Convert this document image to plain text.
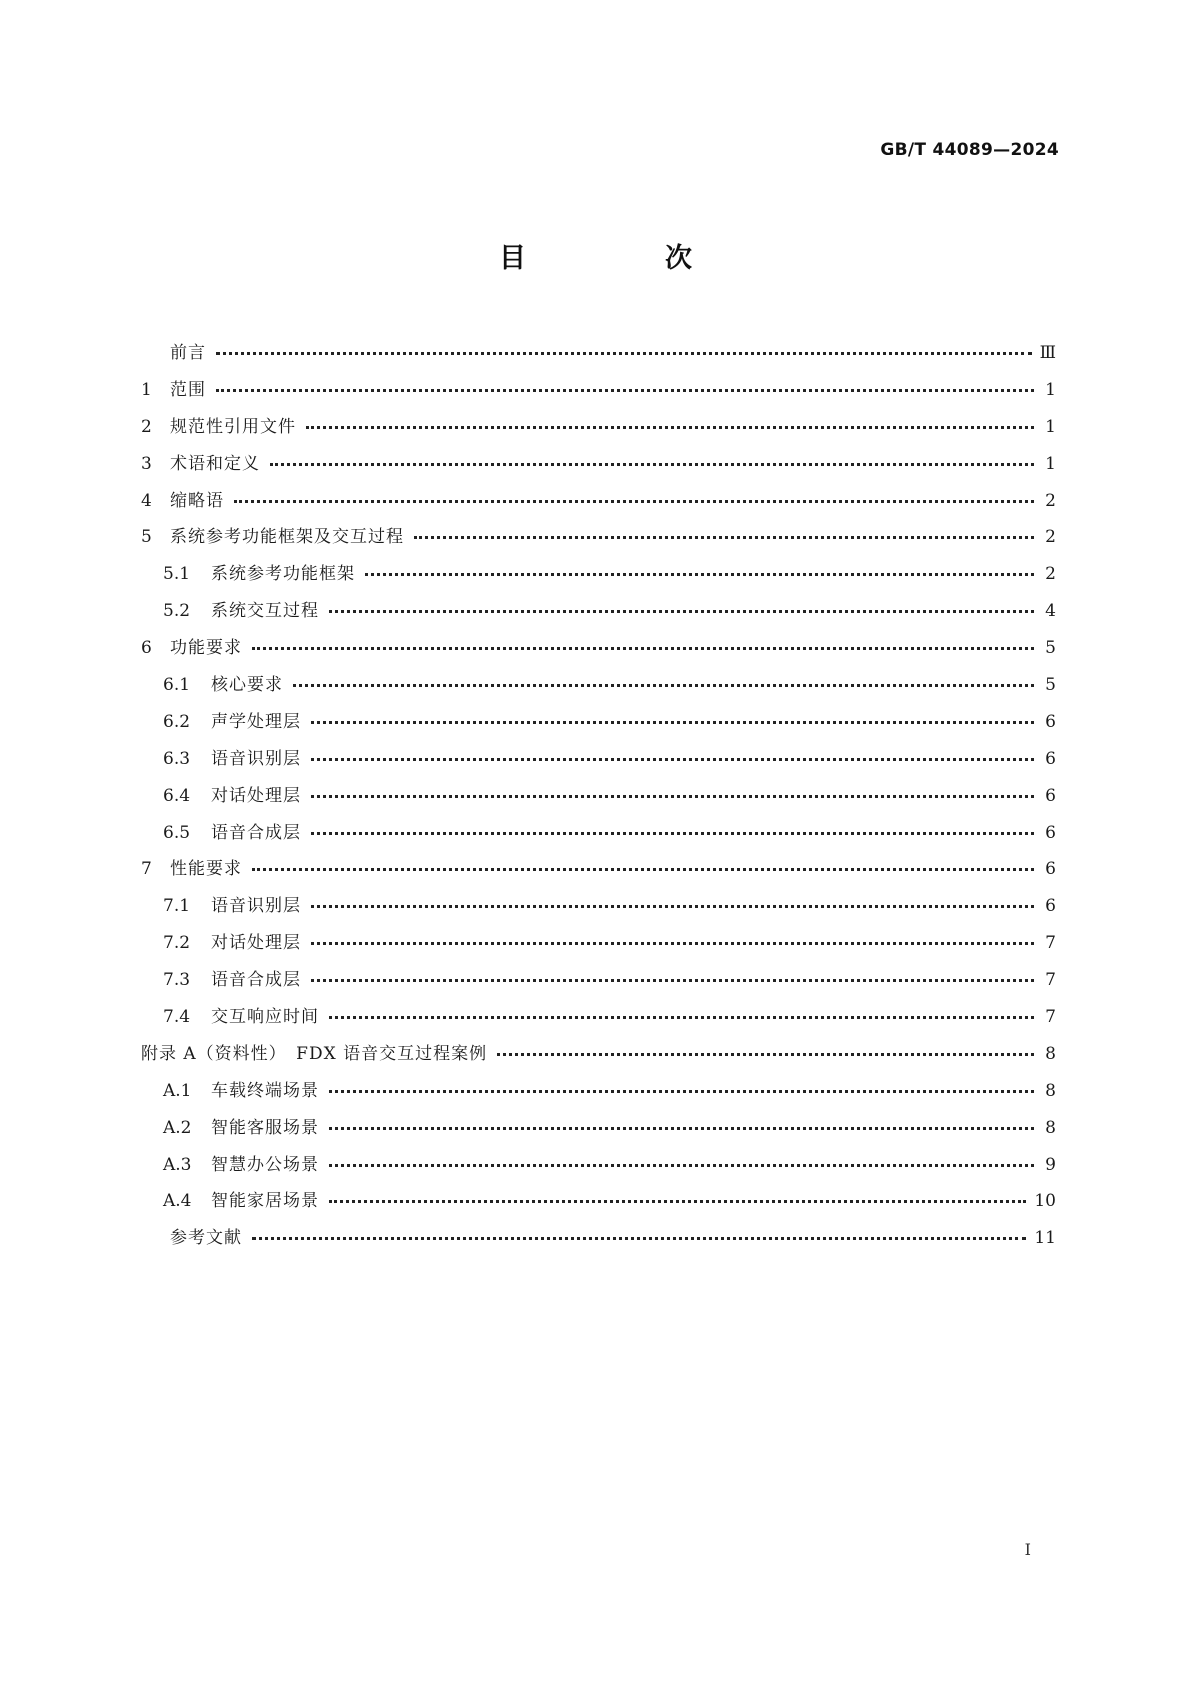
GB/T 44089—2024
目　次
前言	Ⅲ
1	范围	1
2	规范性引用文件	1
3	术语和定义	1
4	缩略语	2
5	系统参考功能框架及交互过程	2
5.1	系统参考功能框架	2
5.2	系统交互过程	4
6	功能要求	5
6.1	核心要求	5
6.2	声学处理层	6
6.3	语音识别层	6
6.4	对话处理层	6
6.5	语音合成层	6
7	性能要求	6
7.1	语音识别层	6
7.2	对话处理层	7
7.3	语音合成层	7
7.4	交互响应时间	7
附录 A（资料性）　FDX 语音交互过程案例	8
A.1	车载终端场景	8
A.2	智能客服场景	8
A.3	智慧办公场景	9
A.4	智能家居场景	10
参考文献	11
I
